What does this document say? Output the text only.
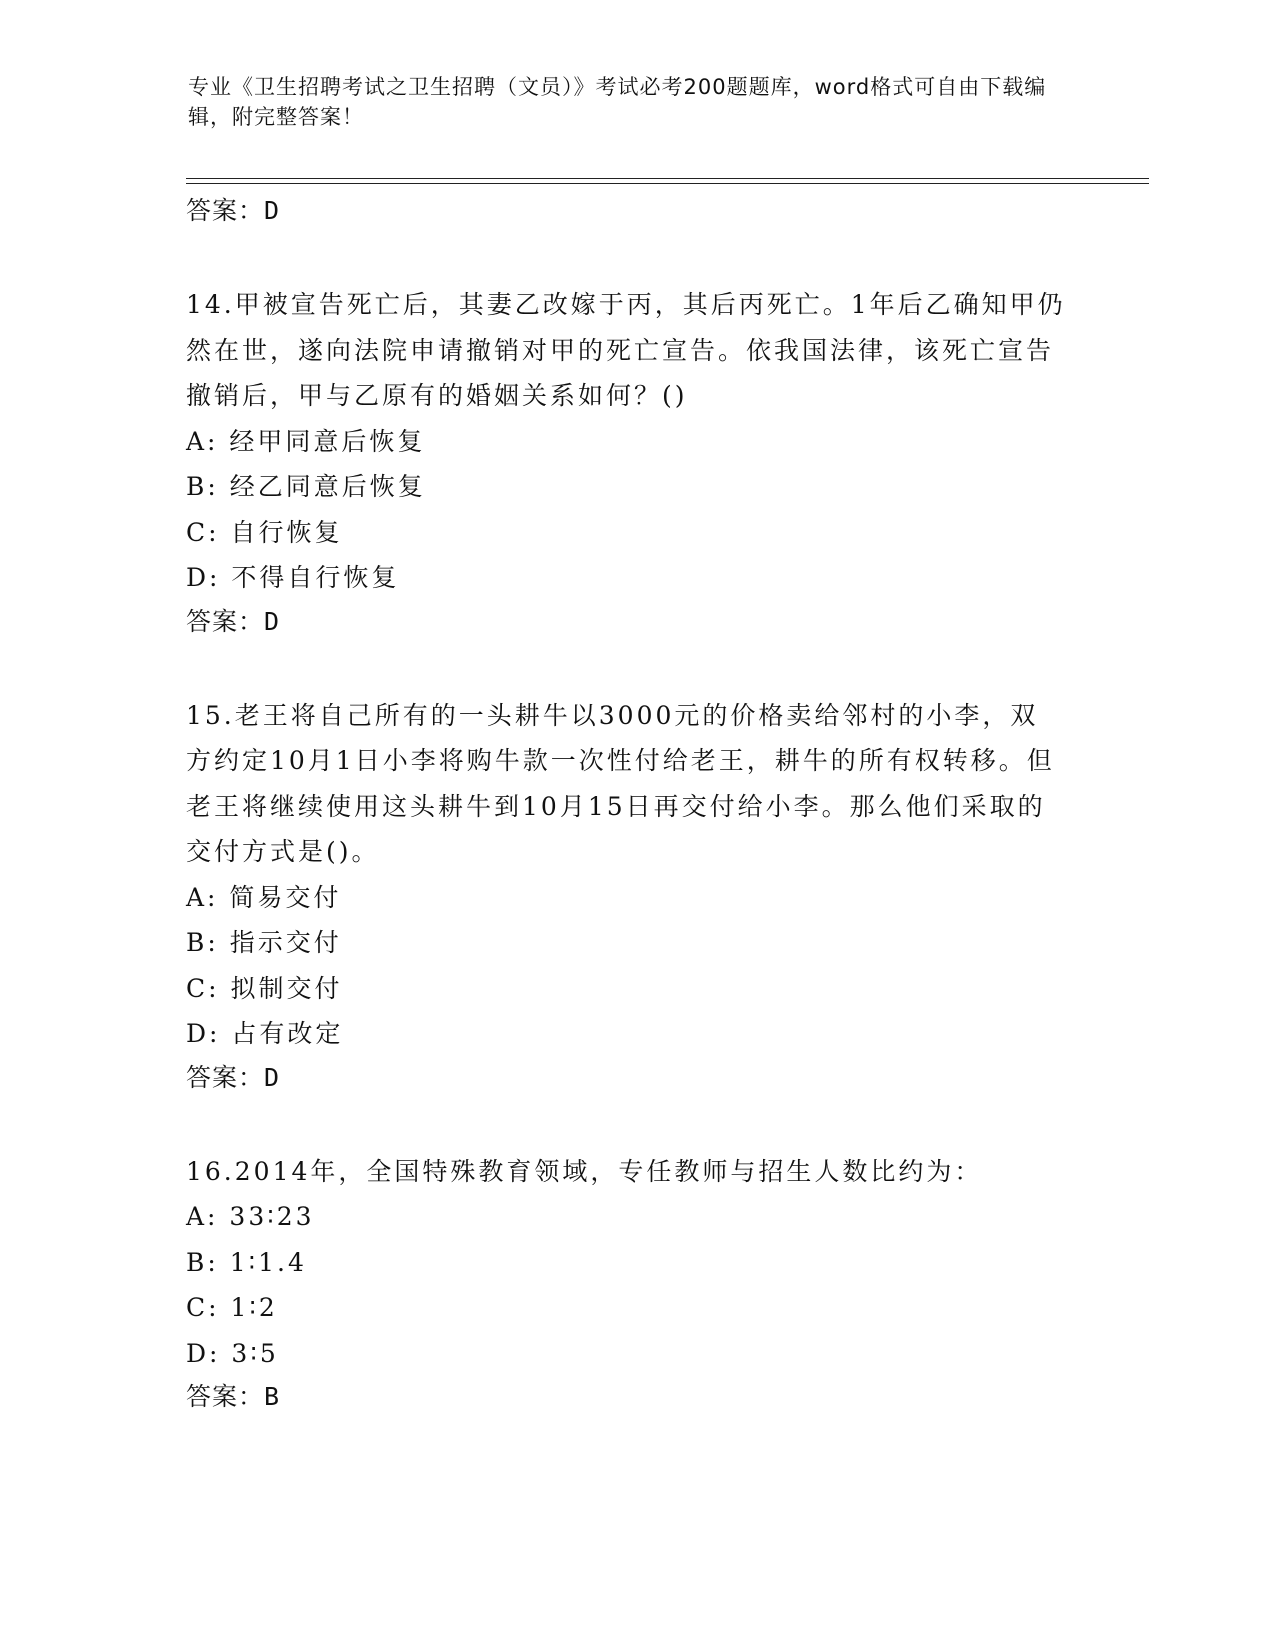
专业《卫生招聘考试之卫生招聘（文员）》考试必考200题题库，word格式可自由下载编辑，附完整答案！
答案：D
14.甲被宣告死亡后，其妻乙改嫁于丙，其后丙死亡。1年后乙确知甲仍然在世，遂向法院申请撤销对甲的死亡宣告。依我国法律，该死亡宣告撤销后，甲与乙原有的婚姻关系如何？()
A: 经甲同意后恢复
B: 经乙同意后恢复
C: 自行恢复
D: 不得自行恢复
答案：D
15.老王将自己所有的一头耕牛以3000元的价格卖给邻村的小李，双方约定10月1日小李将购牛款一次性付给老王，耕牛的所有权转移。但老王将继续使用这头耕牛到10月15日再交付给小李。那么他们采取的交付方式是()。
A: 简易交付
B: 指示交付
C: 拟制交付
D: 占有改定
答案：D
16.2014年，全国特殊教育领域，专任教师与招生人数比约为：
A: 33∶23
B: 1∶1.4
C: 1∶2
D: 3∶5
答案：B
